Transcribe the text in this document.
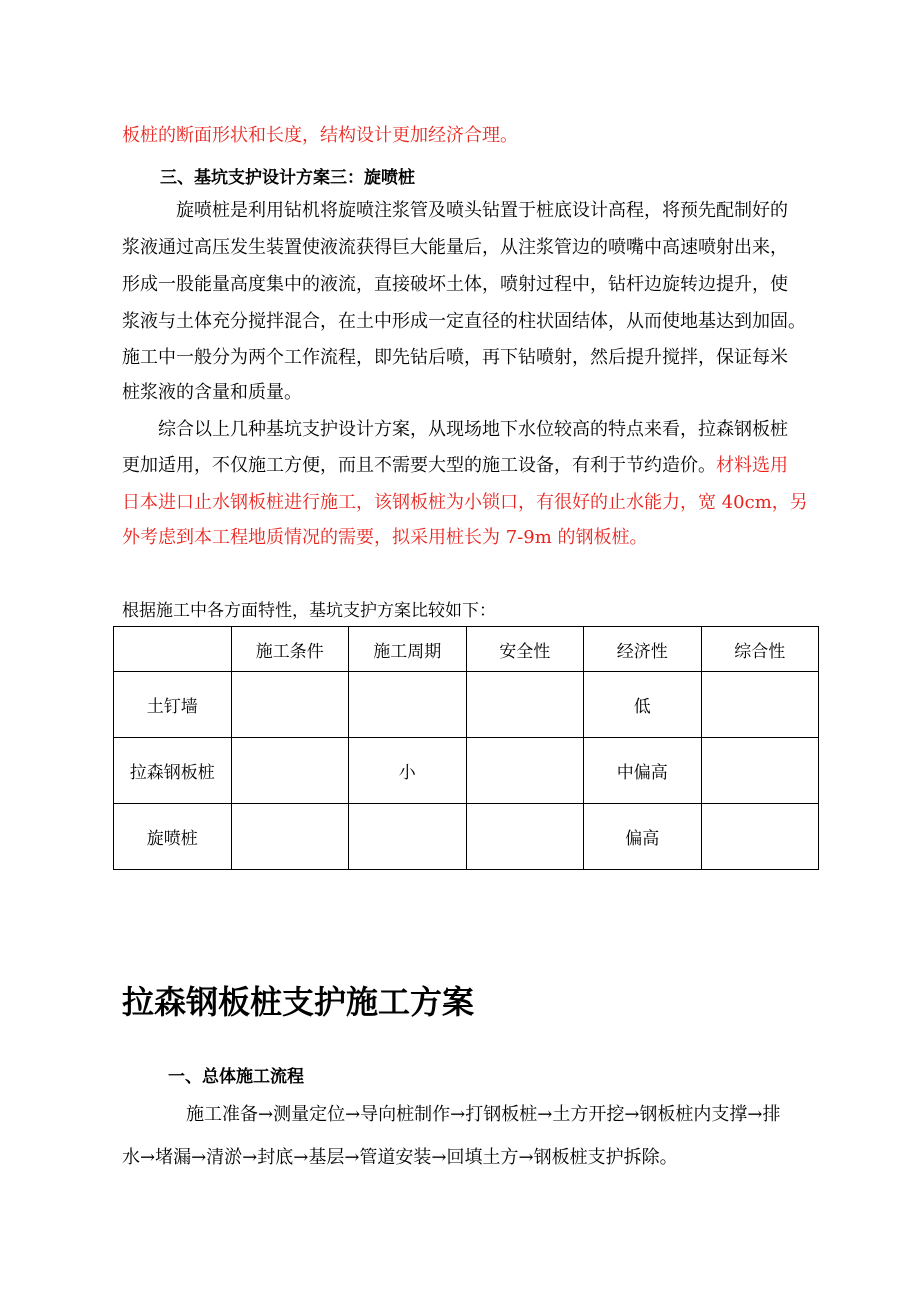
板桩的断面形状和长度，结构设计更加经济合理。
三、基坑支护设计方案三：旋喷桩
旋喷桩是利用钻机将旋喷注浆管及喷头钻置于桩底设计高程，将预先配制好的
浆液通过高压发生装置使液流获得巨大能量后，从注浆管边的喷嘴中高速喷射出来，
形成一股能量高度集中的液流，直接破坏土体，喷射过程中，钻杆边旋转边提升，使
浆液与土体充分搅拌混合，在土中形成一定直径的柱状固结体，从而使地基达到加固。
施工中一般分为两个工作流程，即先钻后喷，再下钻喷射，然后提升搅拌，保证每米
桩浆液的含量和质量。
综合以上几种基坑支护设计方案，从现场地下水位较高的特点来看，拉森钢板桩
更加适用，不仅施工方便，而且不需要大型的施工设备，有利于节约造价。材料选用
日本进口止水钢板桩进行施工，该钢板桩为小锁口，有很好的止水能力，宽 40cm，另
外考虑到本工程地质情况的需要，拟采用桩长为 7-9m 的钢板桩。
根据施工中各方面特性，基坑支护方案比较如下：
	施工条件	施工周期	安全性	经济性	综合性
土钉墙				低	
拉森钢板桩		小		中偏高	
旋喷桩				偏高	
拉森钢板桩支护施工方案
一、总体施工流程
施工准备→测量定位→导向桩制作→打钢板桩→土方开挖→钢板桩内支撑→排
水→堵漏→清淤→封底→基层→管道安装→回填土方→钢板桩支护拆除。
